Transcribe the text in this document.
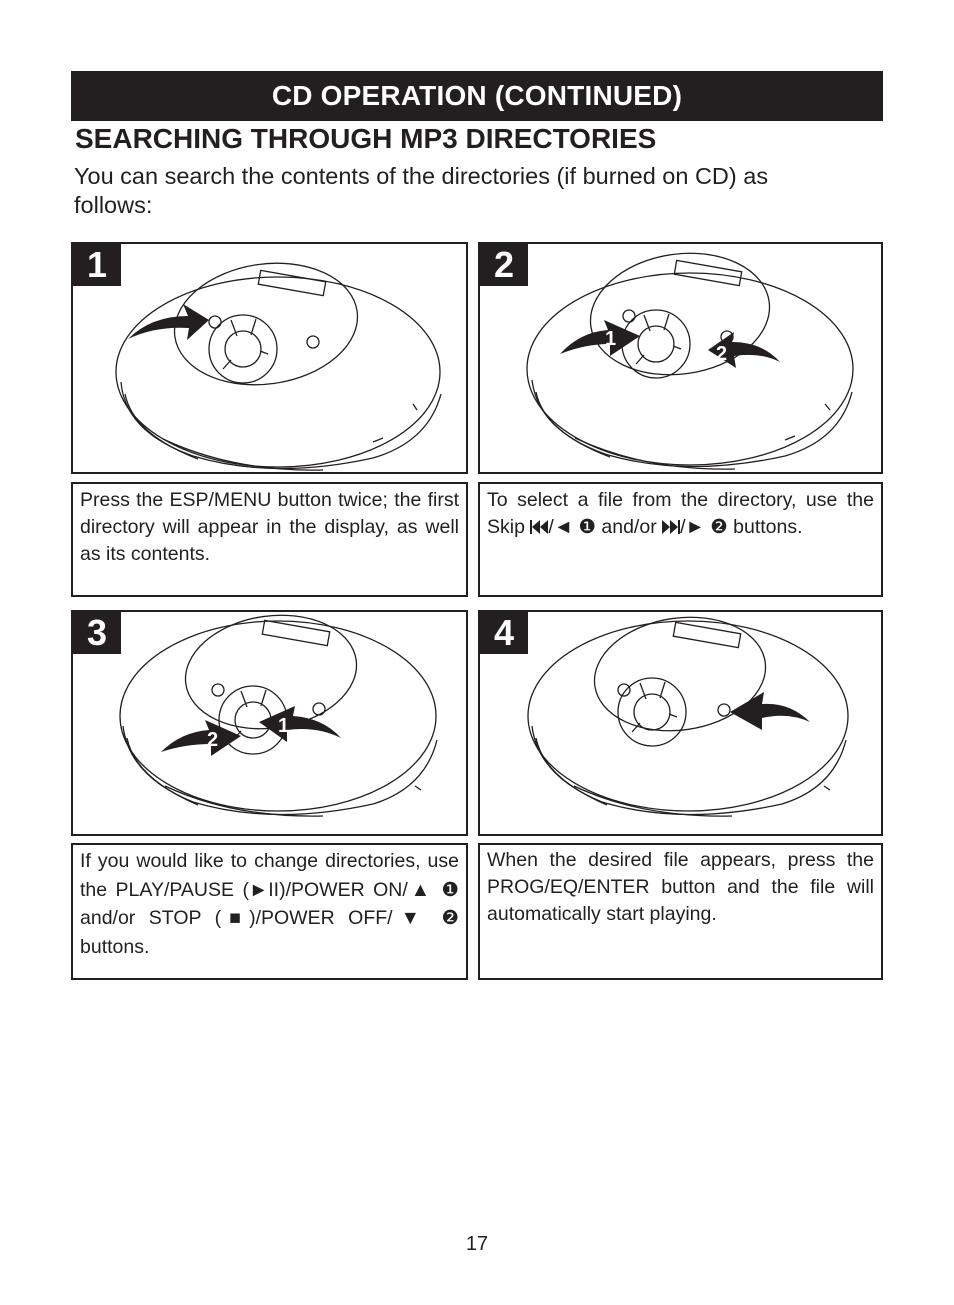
CD OPERATION (CONTINUED)
SEARCHING THROUGH MP3 DIRECTORIES
You can search the contents of the directories (if burned on CD) as follows:
1
Press the ESP/MENU button twice; the first directory will appear in the display, as well as its contents.
1
2
2
To select a file from the directory, use the Skip /◄ ❶ and/or /► ❷ buttons.
2
1
3
If you would like to change directories, use the PLAY/PAUSE (►II)/POWER ON/▲ ❶ and/or STOP (■)/POWER OFF/▼ ❷ buttons.
4
When the desired file appears, press the PROG/EQ/ENTER button and the file will automatically start playing.
17
